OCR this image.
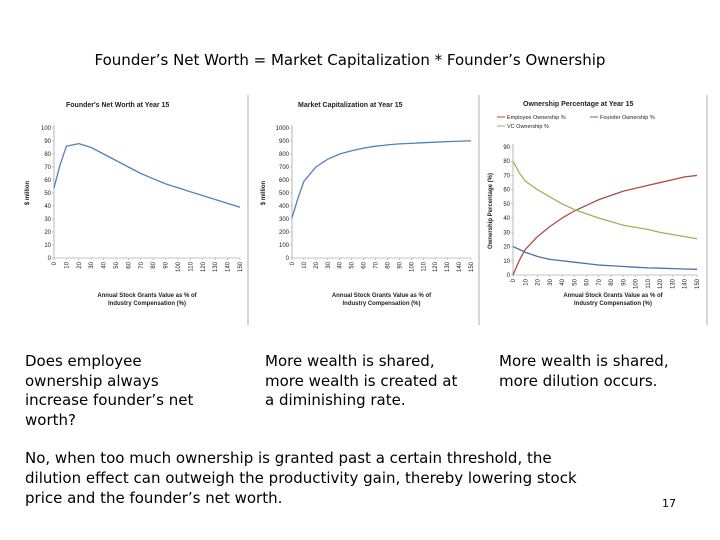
Founder’s Net Worth = Market Capitalization * Founder’s Ownership
Founder's Net Worth at Year 15
0
10
20
30
40
50
60
70
80
90
100
0 10 20 30 40 50 60 70 80 90 100 110 120 130 140 150
$ million
Annual Stock Grants Value as % of
Industry Compensation (%)
Market Capitalization at Year 15
0
100
200
300
400
500
600
700
800
900
1000
0 10 20 30 40 50 60 70 80 90 100 110 120 130 140 150
$ million
Annual Stock Grants Value as % of
Industry Compensation (%)
Ownership Percentage at Year 15
0
10
20
30
40
50
60
70
80
90
0 10 20 30 40 50 60 70 80 90 100 110 120 130 140 150
Ownership Percentage (%)
Annual Stock Grants Value as % of
Industry Compensation (%)
Employee Ownership %	Founder Ownership %
VC Ownership %
Does employee ownership always increase founder’s net worth?
More wealth is shared, more wealth is created at a diminishing rate.
More wealth is shared, more dilution occurs.
No, when too much ownership is granted past a certain threshold, the dilution effect can outweigh the productivity gain, thereby lowering stock price and the founder’s net worth.	17
